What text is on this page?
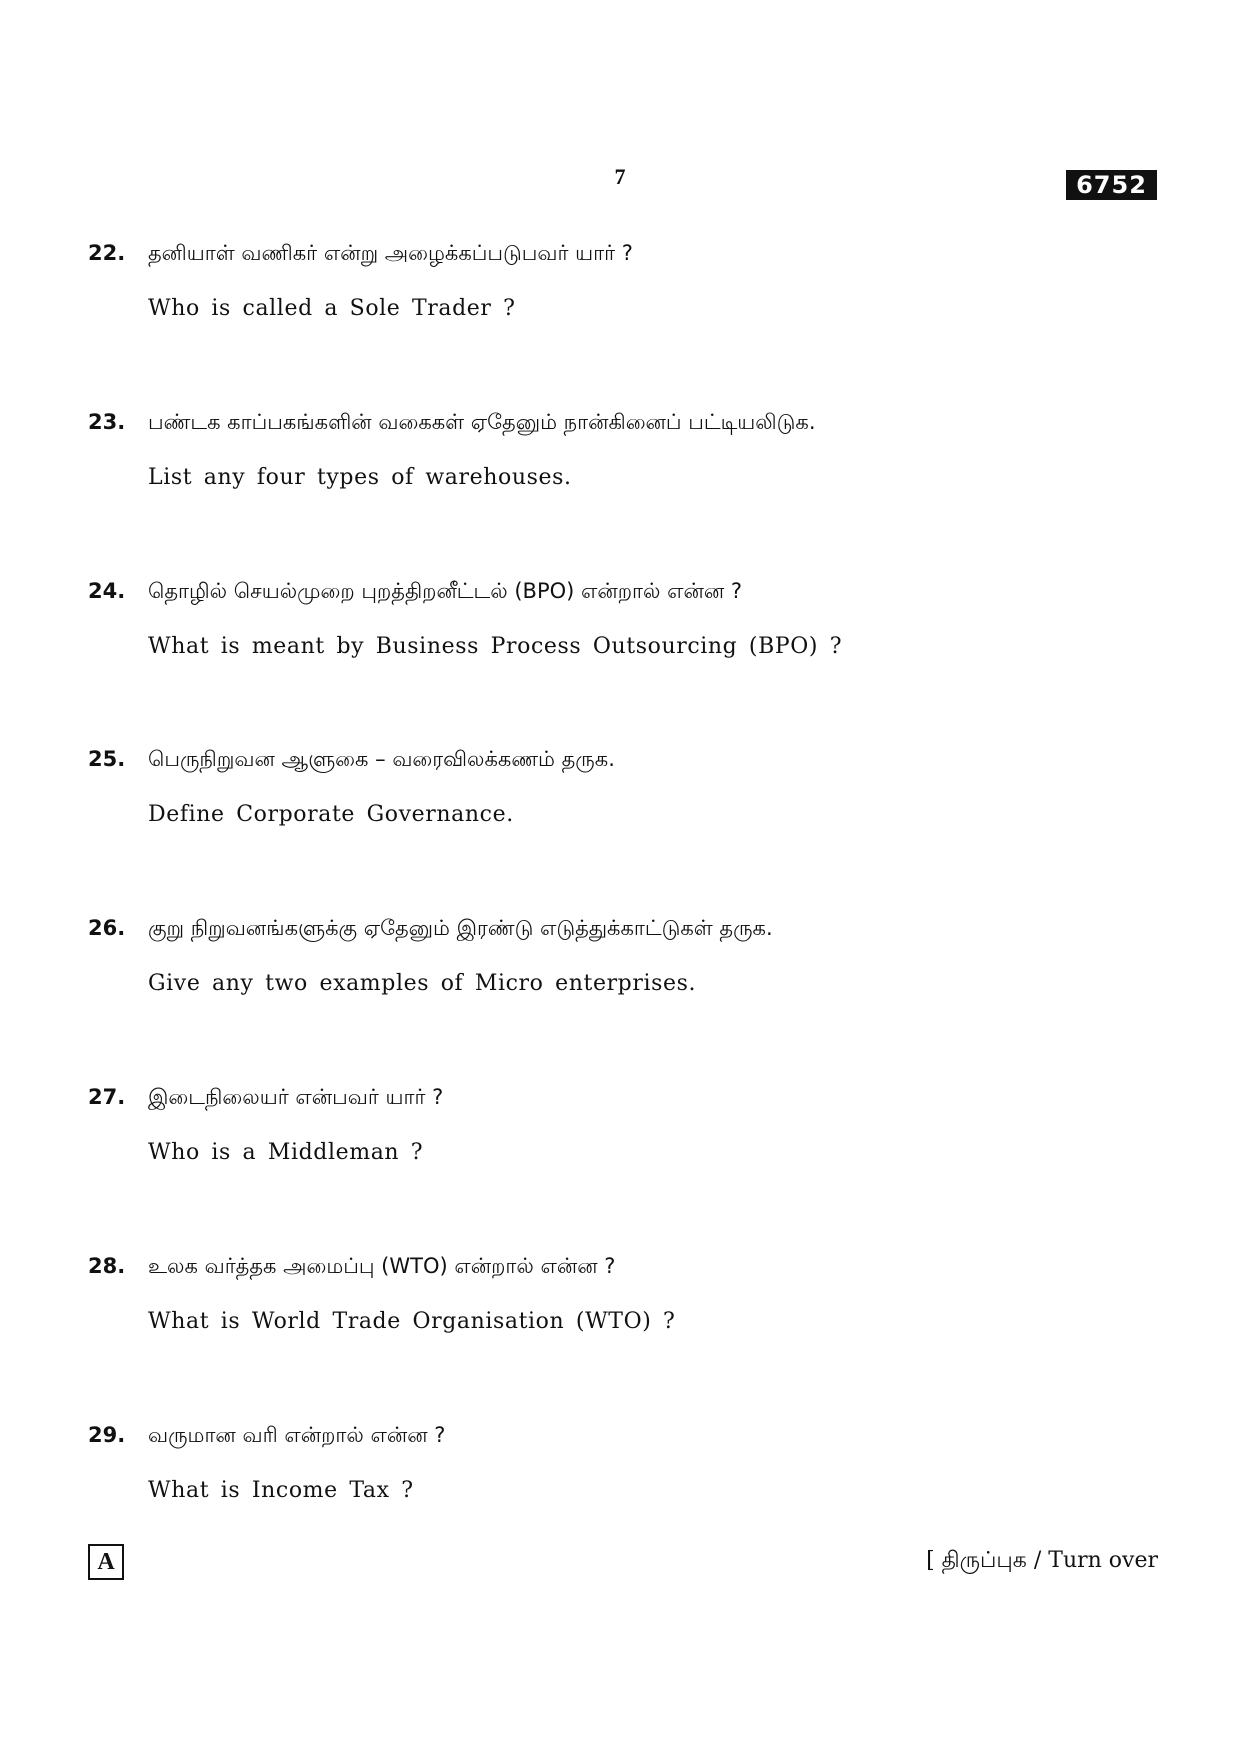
7	6752
22. தனியாள் வணிகர் என்று அழைக்கப்படுபவர் யார் ?
Who is called a Sole Trader ?
23. பண்டக காப்பகங்களின் வகைகள் ஏதேனும் நான்கினைப் பட்டியலிடுக.
List any four types of warehouses.
24. தொழில் செயல்முறை புறத்திறனீட்டல் (BPO) என்றால் என்ன ?
What is meant by Business Process Outsourcing (BPO) ?
25. பெருநிறுவன ஆளுகை – வரைவிலக்கணம் தருக.
Define Corporate Governance.
26. குறு நிறுவனங்களுக்கு ஏதேனும் இரண்டு எடுத்துக்காட்டுகள் தருக.
Give any two examples of Micro enterprises.
27. இடைநிலையர் என்பவர் யார் ?
Who is a Middleman ?
28. உலக வர்த்தக அமைப்பு (WTO) என்றால் என்ன ?
What is World Trade Organisation (WTO) ?
29. வருமான வரி என்றால் என்ன ?
What is Income Tax ?
A	[ திருப்புக / Turn over
